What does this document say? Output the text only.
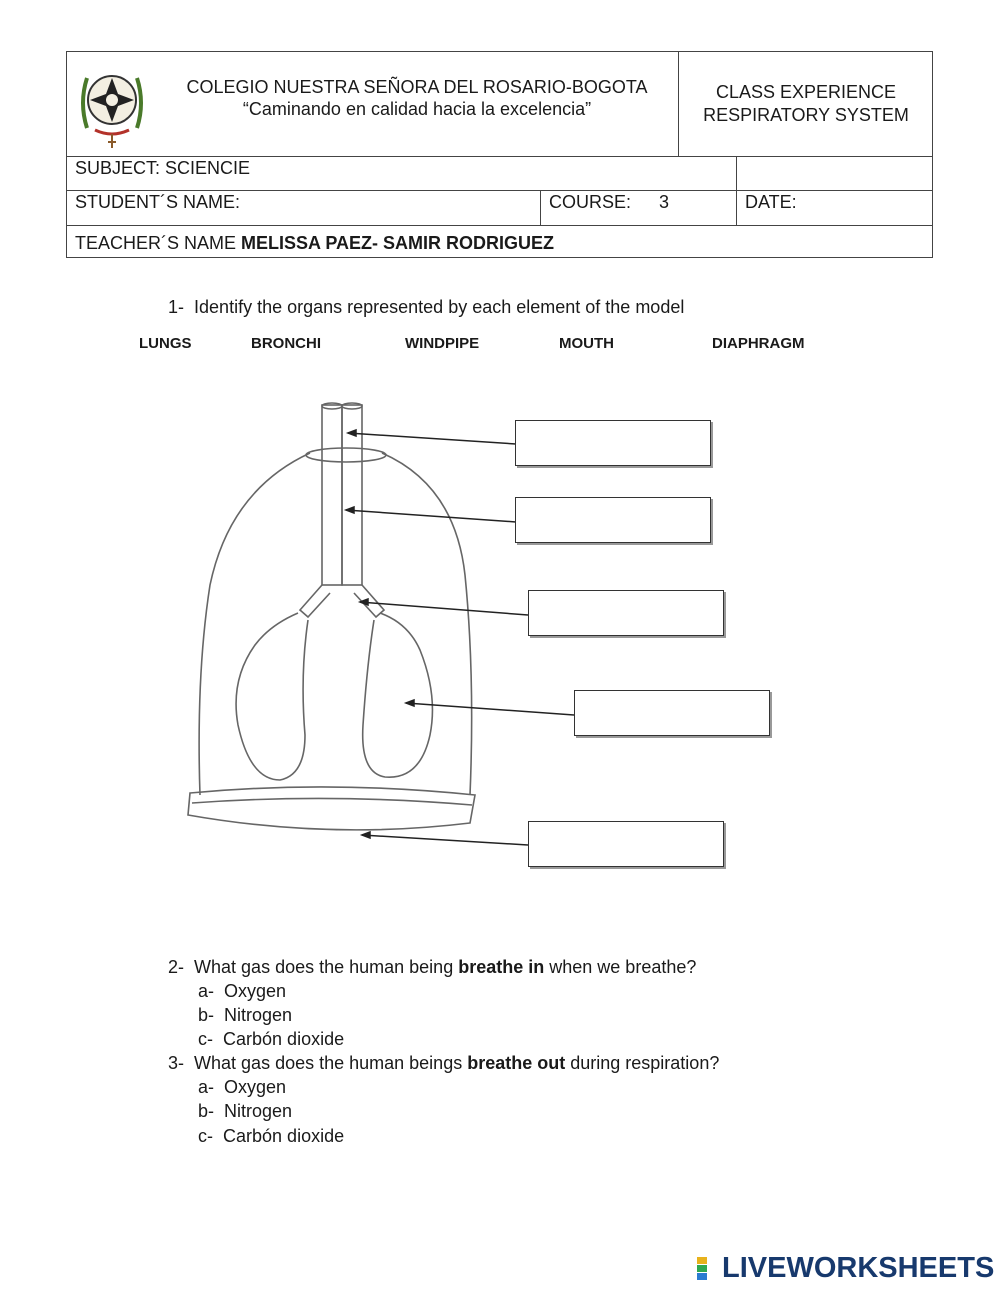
COLEGIO NUESTRA SEÑORA DEL ROSARIO-BOGOTA
“Caminando en calidad hacia la excelencia”
CLASS EXPERIENCE
RESPIRATORY SYSTEM
SUBJECT: SCIENCIE
STUDENT´S NAME:	COURSE: 3	DATE:
TEACHER´S NAME MELISSA PAEZ- SAMIR RODRIGUEZ
1- Identify the organs represented by each element of the model
LUNGS	BRONCHI	WINDPIPE	MOUTH	DIAPHRAGM
2- What gas does the human being breathe in when we breathe?
a- Oxygen
b- Nitrogen
c- Carbón dioxide
3- What gas does the human beings breathe out during respiration?
a- Oxygen
b- Nitrogen
c- Carbón dioxide
LIVEWORKSHEETS
